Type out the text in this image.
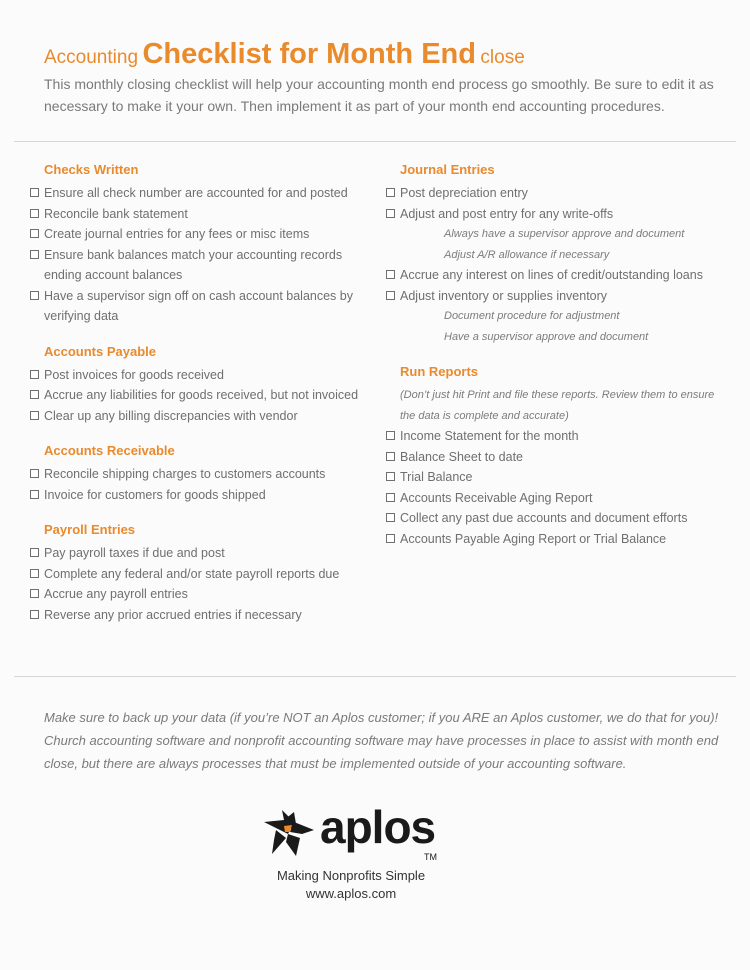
Accounting Checklist for Month End close
This monthly closing checklist will help your accounting month end process go smoothly. Be sure to edit it as necessary to make it your own. Then implement it as part of your month end accounting procedures.
Checks Written
Ensure all check number are accounted for and posted
Reconcile bank statement
Create journal entries for any fees or misc items
Ensure bank balances match your accounting records ending account balances
Have a supervisor sign off on cash account balances by verifying data
Accounts Payable
Post invoices for goods received
Accrue any liabilities for goods received, but not invoiced
Clear up any billing discrepancies with vendor
Accounts Receivable
Reconcile shipping charges to customers accounts
Invoice for customers for goods shipped
Payroll Entries
Pay payroll taxes if due and post
Complete any federal and/or state payroll reports due
Accrue any payroll entries
Reverse any prior accrued entries if necessary
Journal Entries
Post depreciation entry
Adjust and post entry for any write-offs
Always have a supervisor approve and document
Adjust A/R allowance if necessary
Accrue any interest on lines of credit/outstanding loans
Adjust inventory or supplies inventory
Document procedure for adjustment
Have a supervisor approve and document
Run Reports
(Don’t just hit Print and file these reports. Review them to ensure the data is complete and accurate)
Income Statement for the month
Balance Sheet to date
Trial Balance
Accounts Receivable Aging Report
Collect any past due accounts and document efforts
Accounts Payable Aging Report or Trial Balance
Make sure to back up your data (if you’re NOT an Aplos customer; if you ARE an Aplos customer, we do that for you)! Church accounting software and nonprofit accounting software may have processes in place to assist with month end close, but there are always processes that must be implemented outside of your accounting software.
aplos
TM
Making Nonprofits Simple
www.aplos.com
